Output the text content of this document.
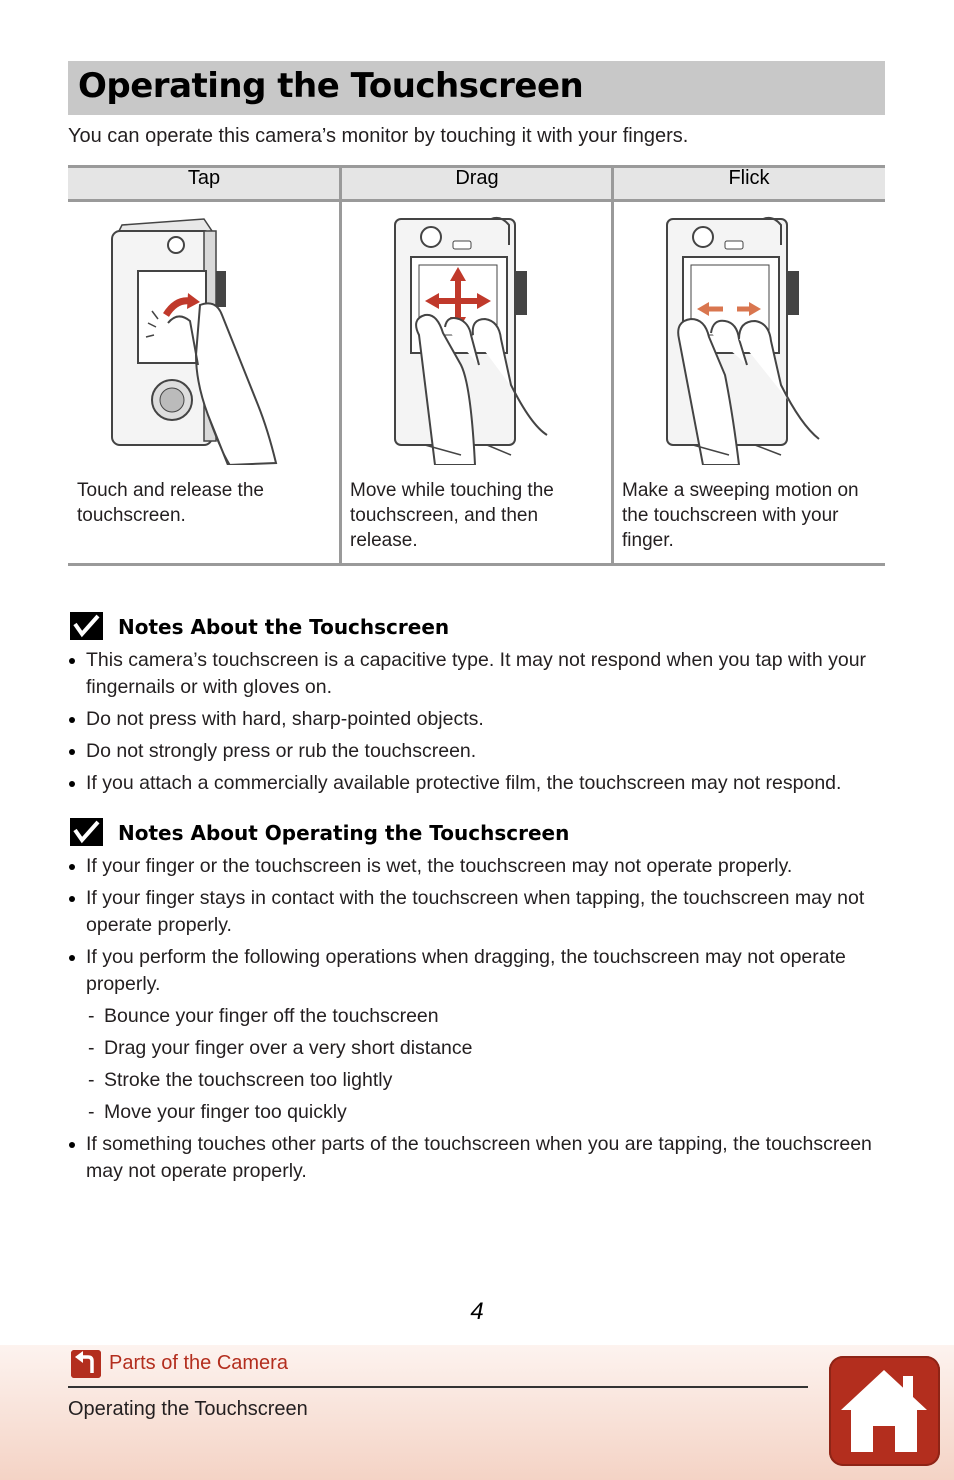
Operating the Touchscreen

You can operate this camera’s monitor by touching it with your fingers.

Tap
Touch and release the touchscreen.
Drag
Move while touching the touchscreen, and then release.
Flick
Make a sweeping motion on the touchscreen with your finger.
Notes About the Touchscreen
This camera’s touchscreen is a capacitive type. It may not respond when you tap with your fingernails or with gloves on.
Do not press with hard, sharp-pointed objects.
Do not strongly press or rub the touchscreen.
If you attach a commercially available protective film, the touchscreen may not respond.
Notes About Operating the Touchscreen
If your finger or the touchscreen is wet, the touchscreen may not operate properly.
If your finger stays in contact with the touchscreen when tapping, the touchscreen may not operate properly.
If you perform the following operations when dragging, the touchscreen may not operate properly.
- Bounce your finger off the touchscreen
- Drag your finger over a very short distance
- Stroke the touchscreen too lightly
- Move your finger too quickly
If something touches other parts of the touchscreen when you are tapping, the touchscreen may not operate properly.
4
Parts of the Camera
Operating the Touchscreen
